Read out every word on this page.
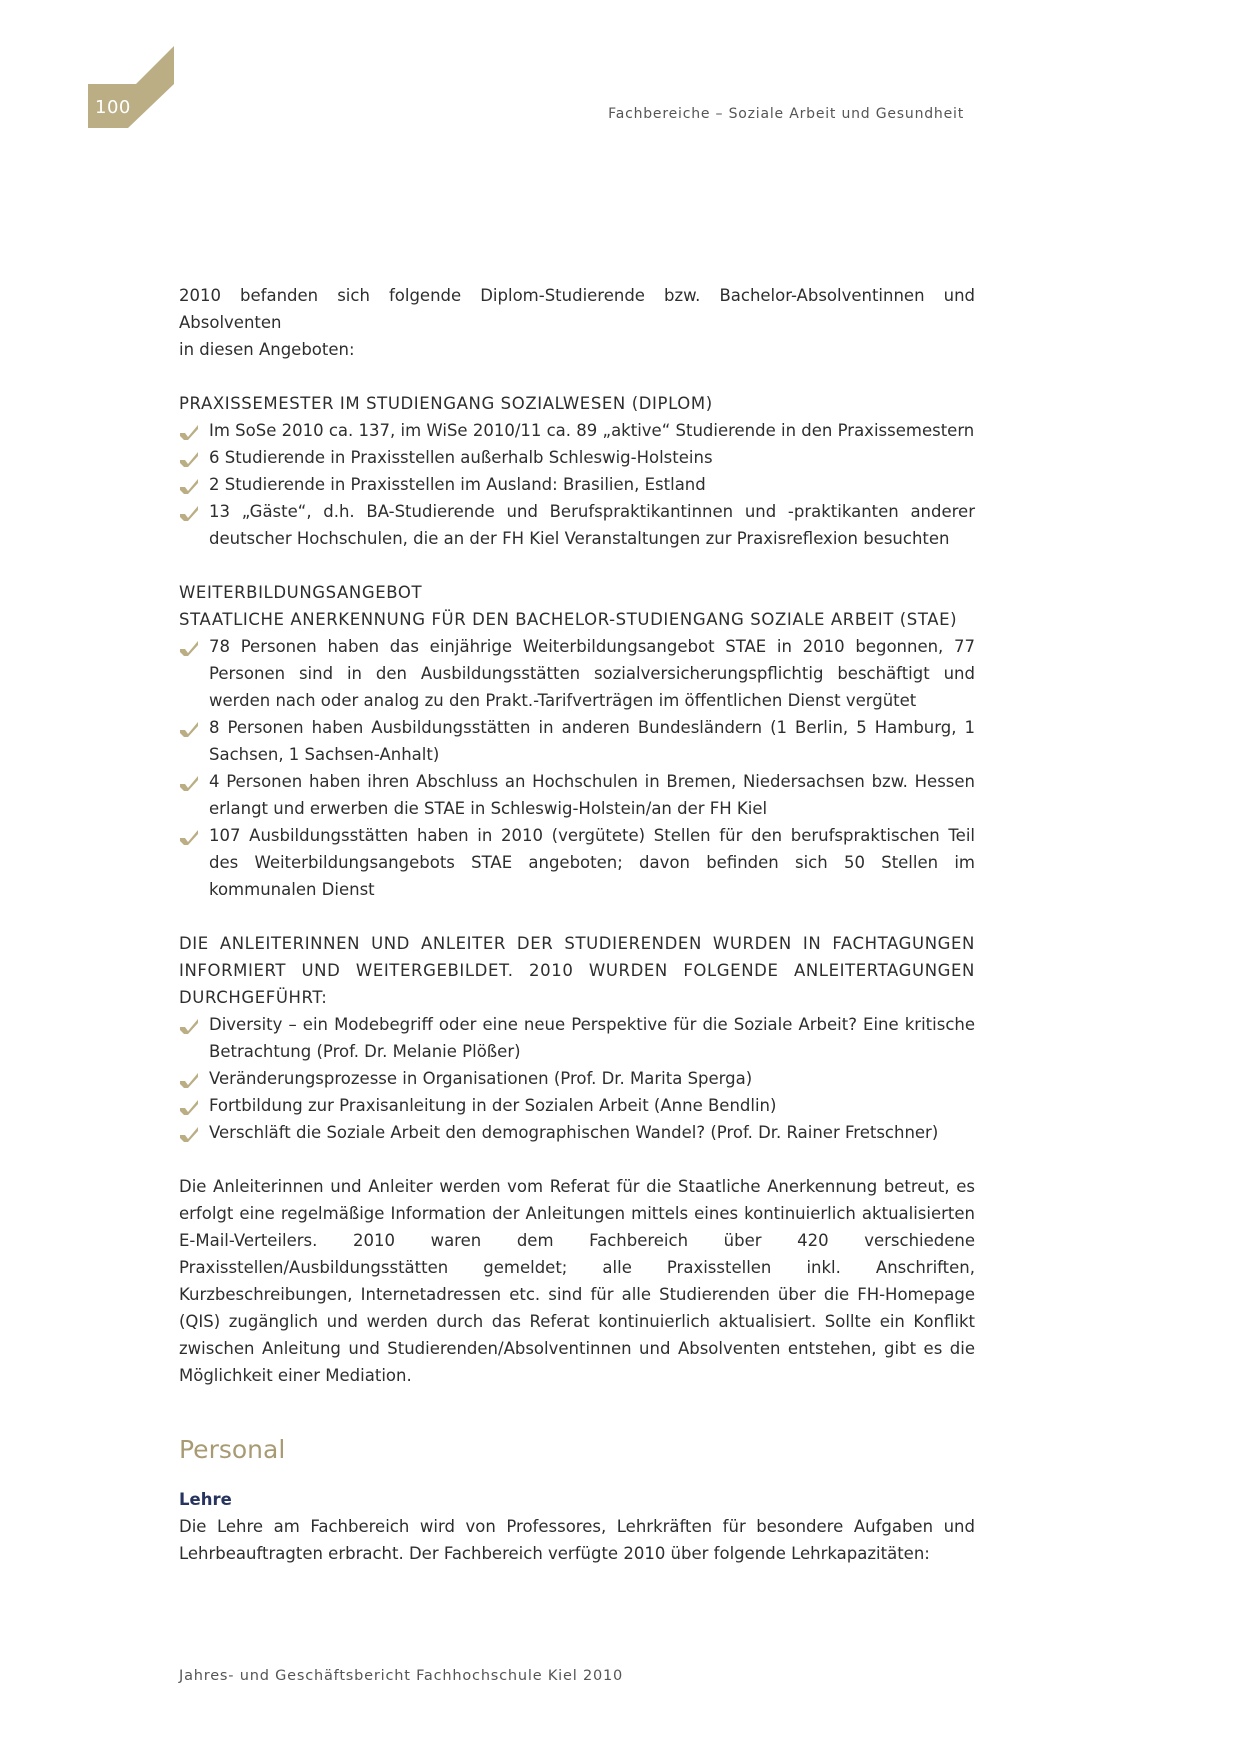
100	Fachbereiche – Soziale Arbeit und Gesundheit

2010 befanden sich folgende Diplom-Studierende bzw. Bachelor-Absolventinnen und Absolventen

in diesen Angeboten:

PRAXISSEMESTER IM STUDIENGANG SOZIALWESEN (DIPLOM)

Im SoSe 2010 ca. 137, im WiSe 2010/11 ca. 89 „aktive“ Studierende in den Praxissemestern
6 Studierende in Praxisstellen außerhalb Schleswig-Holsteins
2 Studierende in Praxisstellen im Ausland: Brasilien, Estland
13 „Gäste“, d.h. BA-Studierende und Berufspraktikantinnen und -praktikanten anderer deutscher Hochschulen, die an der FH Kiel Veranstaltungen zur Praxisreflexion besuchten

WEITERBILDUNGSANGEBOT

STAATLICHE ANERKENNUNG FÜR DEN BACHELOR-STUDIENGANG SOZIALE ARBEIT (STAE)

78 Personen haben das einjährige Weiterbildungsangebot STAE in 2010 begonnen, 77 Personen sind in den Ausbildungsstätten sozialversicherungspflichtig beschäftigt und werden nach oder analog zu den Prakt.-Tarifverträgen im öffentlichen Dienst vergütet
8 Personen haben Ausbildungsstätten in anderen Bundesländern (1 Berlin, 5 Hamburg, 1 Sachsen, 1 Sachsen-Anhalt)
4 Personen haben ihren Abschluss an Hochschulen in Bremen, Niedersachsen bzw. Hessen erlangt und erwerben die STAE in Schleswig-Holstein/an der FH Kiel
107 Ausbildungsstätten haben in 2010 (vergütete) Stellen für den berufspraktischen Teil des Weiterbildungsangebots STAE angeboten; davon befinden sich 50 Stellen im kommunalen Dienst

DIE ANLEITERINNEN UND ANLEITER DER STUDIERENDEN WURDEN IN FACHTAGUNGEN INFORMIERT UND WEITERGEBILDET. 2010 WURDEN FOLGENDE ANLEITERTAGUNGEN DURCHGEFÜHRT:

Diversity – ein Modebegriff oder eine neue Perspektive für die Soziale Arbeit? Eine kritische Betrachtung (Prof. Dr. Melanie Plößer)
Veränderungsprozesse in Organisationen (Prof. Dr. Marita Sperga)
Fortbildung zur Praxisanleitung in der Sozialen Arbeit (Anne Bendlin)
Verschläft die Soziale Arbeit den demographischen Wandel? (Prof. Dr. Rainer Fretschner)

Die Anleiterinnen und Anleiter werden vom Referat für die Staatliche Anerkennung betreut, es erfolgt eine regelmäßige Information der Anleitungen mittels eines kontinuierlich aktualisierten E-Mail-Verteilers. 2010 waren dem Fachbereich über 420 verschiedene Praxisstellen/Ausbildungsstätten gemeldet; alle Praxisstellen inkl. Anschriften, Kurzbeschreibungen, Internetadressen etc. sind für alle Studierenden über die FH-Homepage (QIS) zugänglich und werden durch das Referat kontinuierlich aktualisiert. Sollte ein Konflikt zwischen Anleitung und Studierenden/Absolventinnen und Absolventen entstehen, gibt es die Möglichkeit einer Mediation.

Personal

Lehre

Die Lehre am Fachbereich wird von Professores, Lehrkräften für besondere Aufgaben und Lehrbeauftragten erbracht. Der Fachbereich verfügte 2010 über folgende Lehrkapazitäten:

Jahres- und Geschäftsbericht Fachhochschule Kiel 2010
